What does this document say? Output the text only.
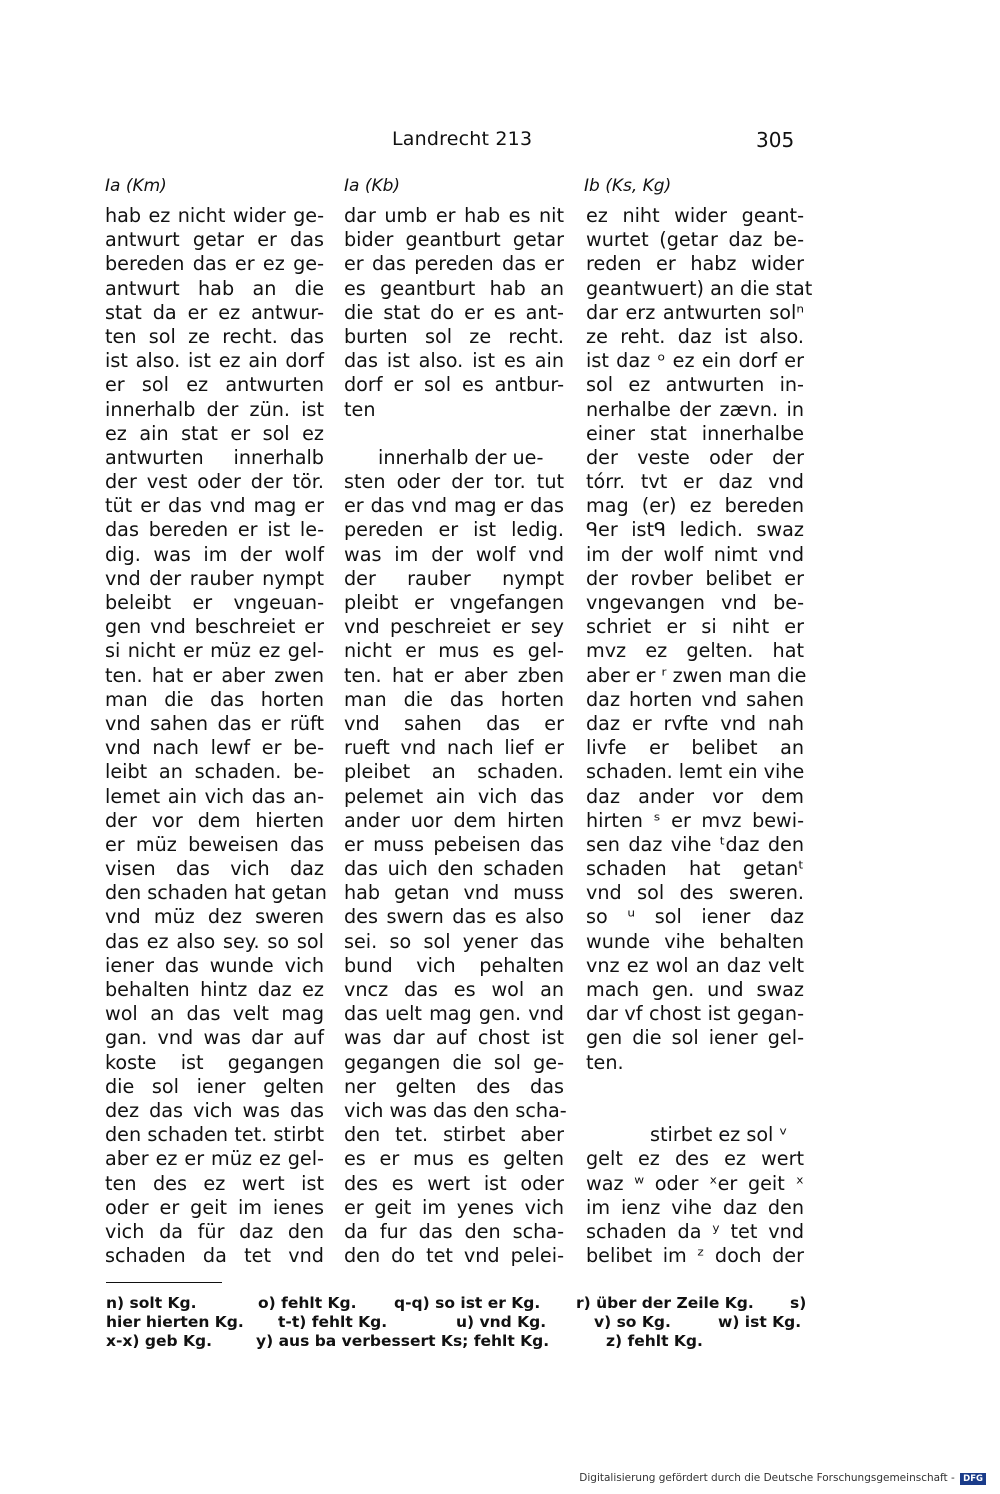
Landrecht 213	305
Ia (Km)	Ia (Kb)	Ib (Ks, Kg)
hab ez nicht wider ge-
antwurt getar er das
bereden das er ez ge-
antwurt hab an die
stat da er ez antwur-
ten sol ze recht. das
ist also. ist ez ain dorf
er sol ez antwurten
innerhalb der zün. ist
ez ain stat er sol ez
antwurten innerhalb
der vest oder der tör.
tüt er das vnd mag er
das bereden er ist le-
dig. was im der wolf
vnd der rauber nympt
beleibt er vngeuan-
gen vnd beschreiet er
si nicht er müz ez gel-
ten. hat er aber zwen
man die das horten
vnd sahen das er rüft
vnd nach lewf er be-
leibt an schaden. be-
lemet ain vich das an-
der vor dem hierten
er müz beweisen das
visen das vich daz
den schaden hat getan
vnd müz dez sweren
das ez also sey. so sol
iener das wunde vich
behalten hintz daz ez
wol an das velt mag
gan. vnd was dar auf
koste ist gegangen
die sol iener gelten
dez das vich was das
den schaden tet. stirbt
aber ez er müz ez gel-
ten des ez wert ist
oder er geit im ienes
vich da für daz den
schaden da tet vnd
dar umb er hab es nit
bider geantburt getar
er das pereden das er
es geantburt hab an
die stat do er es ant-
burten sol ze recht.
das ist also. ist es ain
dorf er sol es antbur-
ten
innerhalb der ue-
sten oder der tor. tut
er das vnd mag er das
pereden er ist ledig.
was im der wolf vnd
der rauber nympt
pleibt er vngefangen
vnd peschreiet er sey
nicht er mus es gel-
ten. hat er aber zben
man die das horten
vnd sahen das er
rueft vnd nach lief er
pleibet an schaden.
pelemet ain vich das
ander uor dem hirten
er muss pebeisen das
das uich den schaden
hab getan vnd muss
des swern das es also
sei. so sol yener das
bund vich pehalten
vncz das es wol an
das uelt mag gen. vnd
was dar auf chost ist
gegangen die sol ge-
ner gelten des das
vich was das den scha-
den tet. stirbet aber
es er mus es gelten
des es wert ist oder
er geit im yenes vich
da fur das den scha-
den do tet vnd pelei-
ez niht wider geant-
wurtet (getar daz be-
reden er habz wider
geantwuert) an die stat
dar erz antwurten solⁿ
ze reht. daz ist also.
ist daz ᵒ ez ein dorf er
sol ez antwurten in-
nerhalbe der zævn. in
einer stat innerhalbe
der veste oder der
tórr. tvt er daz vnd
mag (er) ez bereden
ᑫer istᑫ ledich. swaz
im der wolf nimt vnd
der rovber belibet er
vngevangen vnd be-
schriet er si niht er
mvz ez gelten. hat
aber er ʳ zwen man die
daz horten vnd sahen
daz er rvfte vnd nah
livfe er belibet an
schaden. lemt ein vihe
daz ander vor dem
hirten ˢ er mvz bewi-
sen daz vihe ᵗdaz den
schaden hat getanᵗ
vnd sol des sweren.
so ᵘ sol iener daz
wunde vihe behalten
vnz ez wol an daz velt
mach gen. und swaz
dar vf chost ist gegan-
gen die sol iener gel-
ten.
stirbet ez sol ᵛ
gelt ez des ez wert
waz ʷ oder ˣer geit ˣ
im ienz vihe daz den
schaden da ʸ tet vnd
belibet im ᶻ doch der
n) solt Kg.	o) fehlt Kg. q-q) so ist er Kg. r) über der Zeile Kg. s)
hier hierten Kg. t-t) fehlt Kg.	u) vnd Kg.	v) so Kg.	w) ist Kg.
x-x) geb Kg.	y) aus ba verbessert Ks; fehlt Kg.	z) fehlt Kg.
Digitalisierung gefördert durch die Deutsche Forschungsgemeinschaft - DFG
